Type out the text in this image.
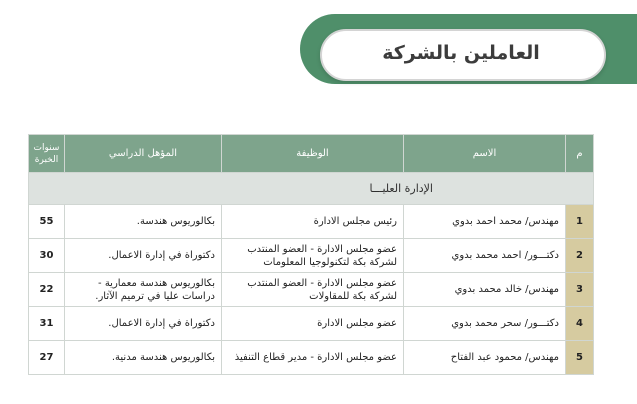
العاملين بالشركة
م	الاسم	الوظيفة	المؤهل الدراسي	سنوات
الخبرة

الإدارة العليـــا				
1	مهندس/ محمد احمد بدوي	رئيس مجلس الادارة	بكالوريوس هندسة.	55
2	دكتـــور/ احمد محمد بدوي	عضو مجلس الادارة - العضو المنتدب لشركة بكة لتكنولوجيا المعلومات	دكتوراة في إدارة الاعمال.	30
3	مهندس/ خالد محمد بدوي	عضو مجلس الادارة - العضو المنتدب لشركة بكة للمقاولات	بكالوريوس هندسة معمارية - دراسات عليا في ترميم الآثار.	22
4	دكتـــور/ سحر محمد بدوي	عضو مجلس الادارة	دكتوراة في إدارة الاعمال.	31
5	مهندس/ محمود عبد الفتاح	عضو مجلس الادارة - مدير قطاع التنفيذ	بكالوريوس هندسة مدنية.	27
